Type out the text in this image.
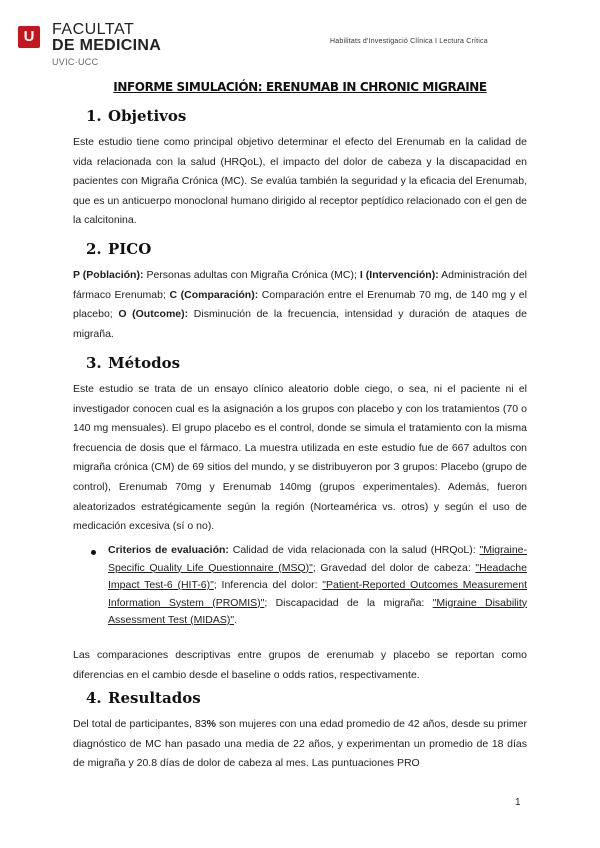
U	FACULTAT
DE MEDICINA
UVIC·UCC
Habilitats d'Investigació Clínica I Lectura Crítica
INFORME SIMULACIÓN: ERENUMAB IN CHRONIC MIGRAINE
1. Objetivos
Este estudio tiene como principal objetivo determinar el efecto del Erenumab en la calidad de vida relacionada con la salud (HRQoL), el impacto del dolor de cabeza y la discapacidad en pacientes con Migraña Crónica (MC). Se evalúa también la seguridad y la eficacia del Erenumab, que es un anticuerpo monoclonal humano dirigido al receptor peptídico relacionado con el gen de la calcitonina.
2. PICO
P (Población): Personas adultas con Migraña Crónica (MC); I (Intervención): Administración del fármaco Erenumab; C (Comparación): Comparación entre el Erenumab 70 mg, de 140 mg y el placebo; O (Outcome): Disminución de la frecuencia, intensidad y duración de ataques de migraña.
3. Métodos
Este estudio se trata de un ensayo clínico aleatorio doble ciego, o sea, ni el paciente ni el investigador conocen cual es la asignación a los grupos con placebo y con los tratamientos (70 o 140 mg mensuales). El grupo placebo es el control, donde se simula el tratamiento con la misma frecuencia de dosis que el fármaco. La muestra utilizada en este estudio fue de 667 adultos con migraña crónica (CM) de 69 sitios del mundo, y se distribuyeron por 3 grupos: Placebo (grupo de control), Erenumab 70mg y Erenumab 140mg (grupos experimentales). Además, fueron aleatorizados estratégicamente según la región (Norteamérica vs. otros) y según el uso de medicación excesiva (sí o no).
Criterios de evaluación: Calidad de vida relacionada con la salud (HRQoL): "Migraine-Specific Quality Life Questionnaire (MSQ)"; Gravedad del dolor de cabeza: "Headache Impact Test-6 (HIT-6)"; Inferencia del dolor: "Patient-Reported Outcomes Measurement Information System (PROMIS)"; Discapacidad de la migraña: "Migraine Disability Assessment Test (MIDAS)".
Las comparaciones descriptivas entre grupos de erenumab y placebo se reportan como diferencias en el cambio desde el baseline o odds ratios, respectivamente.
4. Resultados
Del total de participantes, 83% son mujeres con una edad promedio de 42 años, desde su primer diagnóstico de MC han pasado una media de 22 años, y experimentan un promedio de 18 días de migraña y 20.8 días de dolor de cabeza al mes. Las puntuaciones PRO
1
